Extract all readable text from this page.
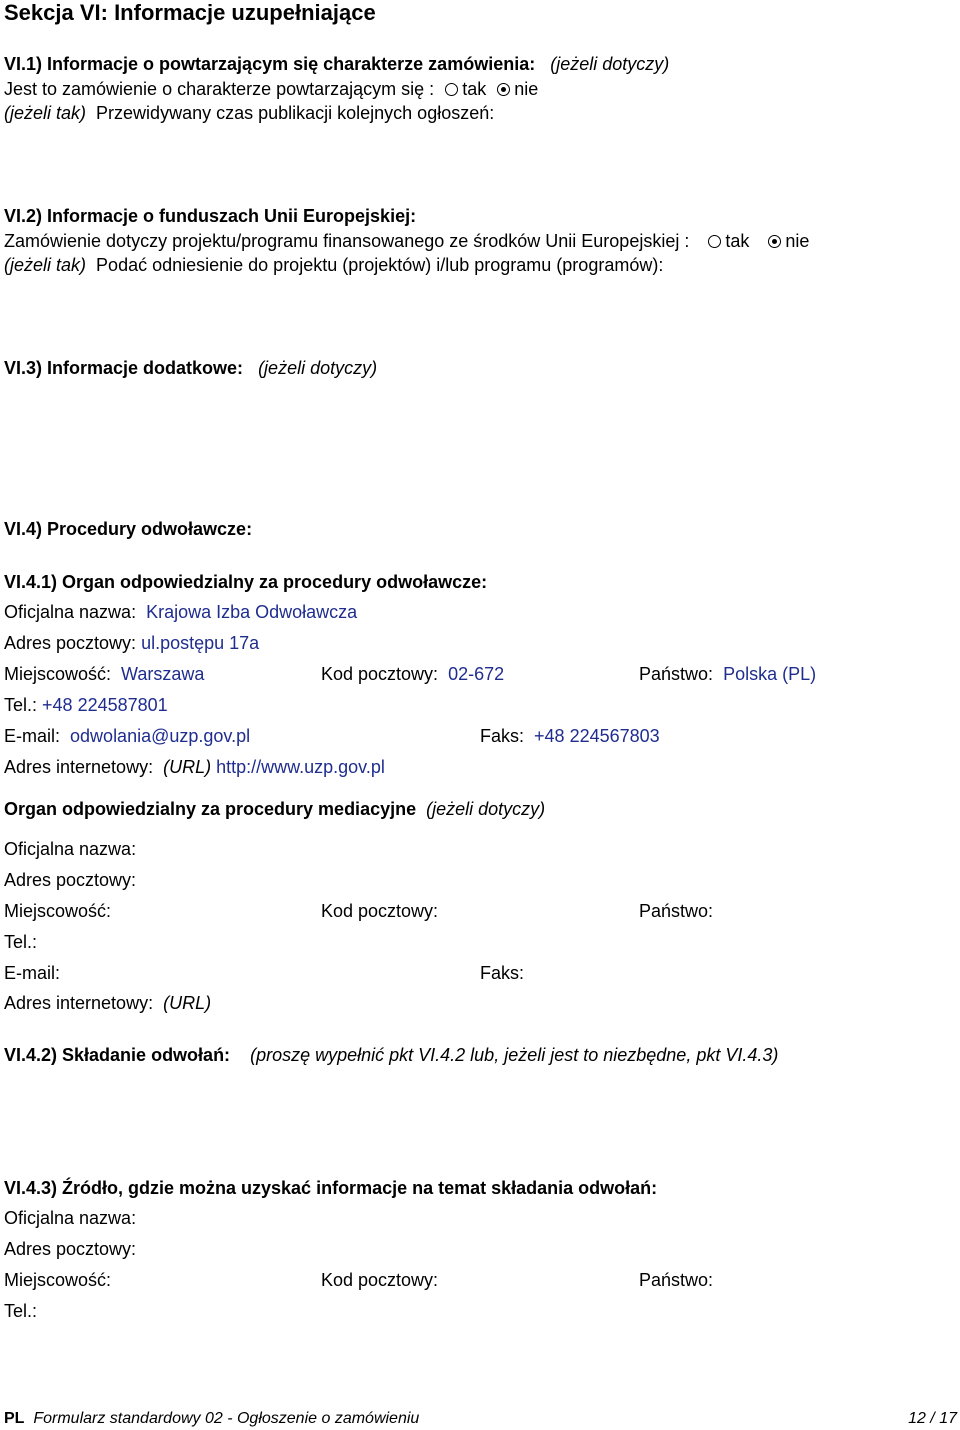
Sekcja VI: Informacje uzupełniające
VI.1) Informacje o powtarzającym się charakterze zamówienia: (jeżeli dotyczy)
Jest to zamówienie o charakterze powtarzającym się : tak nie
(jeżeli tak) Przewidywany czas publikacji kolejnych ogłoszeń:
VI.2) Informacje o funduszach Unii Europejskiej:
Zamówienie dotyczy projektu/programu finansowanego ze środków Unii Europejskiej : tak nie
(jeżeli tak) Podać odniesienie do projektu (projektów) i/lub programu (programów):
VI.3) Informacje dodatkowe: (jeżeli dotyczy)
VI.4) Procedury odwoławcze:
VI.4.1) Organ odpowiedzialny za procedury odwoławcze:
Oficjalna nazwa: Krajowa Izba Odwoławcza
Adres pocztowy: ul.postępu 17a
Miejscowość: Warszawa	Kod pocztowy: 02-672	Państwo: Polska (PL)
Tel.: +48 224587801
E-mail: odwolania@uzp.gov.pl	Faks: +48 224567803
Adres internetowy: (URL) http://www.uzp.gov.pl
Organ odpowiedzialny za procedury mediacyjne (jeżeli dotyczy)
Oficjalna nazwa:
Adres pocztowy:
Miejscowość:	Kod pocztowy:	Państwo:
Tel.:
E-mail:	Faks:
Adres internetowy: (URL)
VI.4.2) Składanie odwołań: (proszę wypełnić pkt VI.4.2 lub, jeżeli jest to niezbędne, pkt VI.4.3)
VI.4.3) Źródło, gdzie można uzyskać informacje na temat składania odwołań:
Oficjalna nazwa:
Adres pocztowy:
Miejscowość:	Kod pocztowy:	Państwo:
Tel.:
PL Formularz standardowy 02 - Ogłoszenie o zamówieniu	12 / 17
